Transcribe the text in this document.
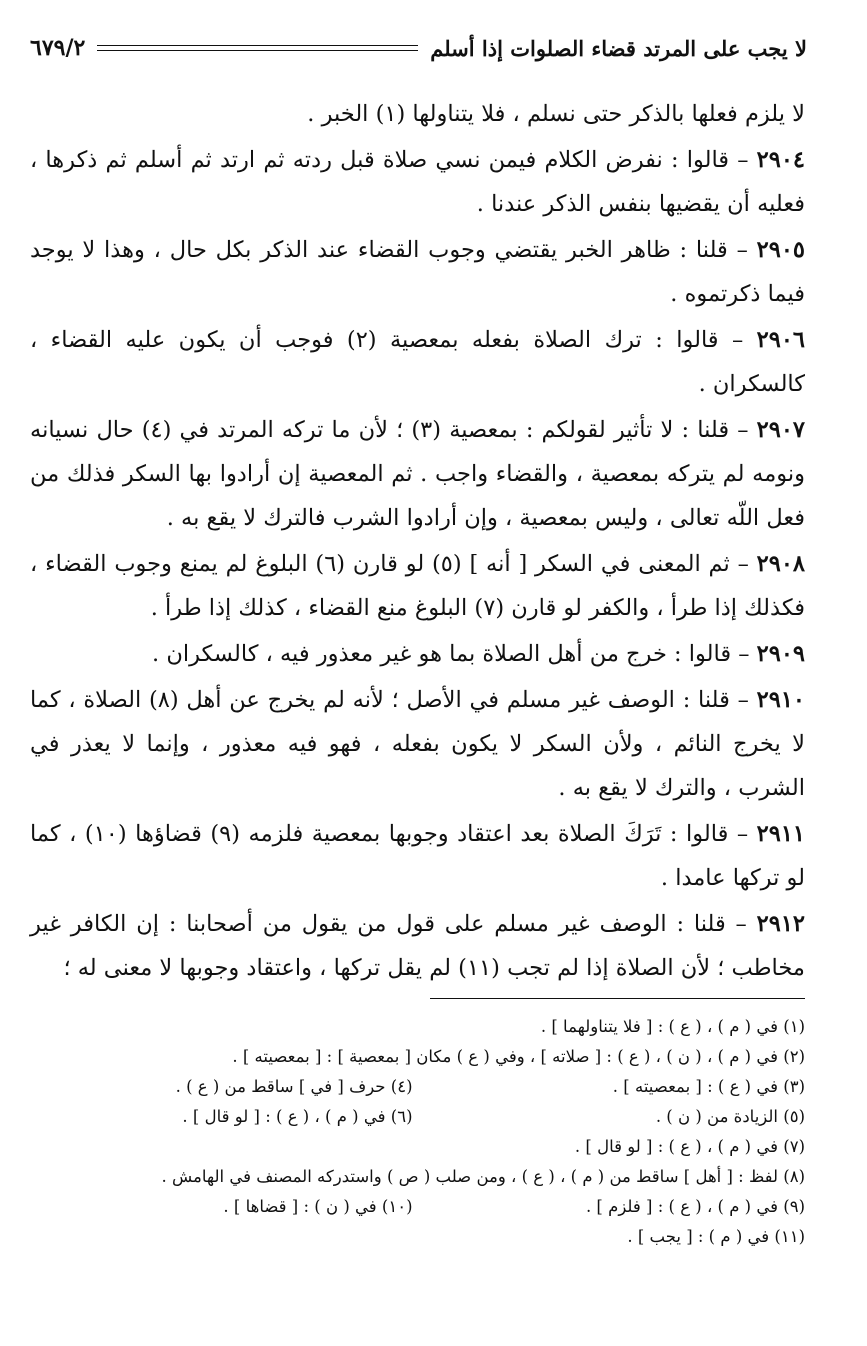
لا يجب على المرتد قضاء الصلوات إذا أسلم
٦٧٩/٢

لا يلزم فعلها بالذكر حتى نسلم ، فلا يتناولها (١) الخبر .

٢٩٠٤ – قالوا : نفرض الكلام فيمن نسي صلاة قبل ردته ثم ارتد ثم أسلم ثم ذكرها ، فعليه أن يقضيها بنفس الذكر عندنا .

٢٩٠٥ – قلنا : ظاهر الخبر يقتضي وجوب القضاء عند الذكر بكل حال ، وهذا لا يوجد فيما ذكرتموه .

٢٩٠٦ – قالوا : ترك الصلاة بفعله بمعصية (٢) فوجب أن يكون عليه القضاء ، كالسكران .

٢٩٠٧ – قلنا : لا تأثير لقولكم : بمعصية (٣) ؛ لأن ما تركه المرتد في (٤) حال نسيانه ونومه لم يتركه بمعصية ، والقضاء واجب . ثم المعصية إن أرادوا بها السكر فذلك من فعل اللّه تعالى ، وليس بمعصية ، وإن أرادوا الشرب فالترك لا يقع به .

٢٩٠٨ – ثم المعنى في السكر [ أنه ] (٥) لو قارن (٦) البلوغ لم يمنع وجوب القضاء ، فكذلك إذا طرأ ، والكفر لو قارن (٧) البلوغ منع القضاء ، كذلك إذا طرأ .

٢٩٠٩ – قالوا : خرج من أهل الصلاة بما هو غير معذور فيه ، كالسكران .

٢٩١٠ – قلنا : الوصف غير مسلم في الأصل ؛ لأنه لم يخرج عن أهل (٨) الصلاة ، كما لا يخرج النائم ، ولأن السكر لا يكون بفعله ، فهو فيه معذور ، وإنما لا يعذر في الشرب ، والترك لا يقع به .

٢٩١١ – قالوا : تَرَكَ الصلاة بعد اعتقاد وجوبها بمعصية فلزمه (٩) قضاؤها (١٠) ، كما لو تركها عامدا .

٢٩١٢ – قلنا : الوصف غير مسلم على قول من يقول من أصحابنا : إن الكافر غير مخاطب ؛ لأن الصلاة إذا لم تجب (١١) لم يقل تركها ، واعتقاد وجوبها لا معنى له ؛

(١) في ( م ) ، ( ع ) : [ فلا يتناولهما ] .
(٢) في ( م ) ، ( ن ) ، ( ع ) : [ صلاته ] ، وفي ( ع ) مكان [ بمعصية ] : [ بمعصيته ] .
(٣) في ( ع ) : [ بمعصيته ] .
(٤) حرف [ في ] ساقط من ( ع ) .
(٥) الزيادة من ( ن ) .
(٦) في ( م ) ، ( ع ) : [ لو قال ] .
(٧) في ( م ) ، ( ع ) : [ لو قال ] .
(٨) لفظ : [ أهل ] ساقط من ( م ) ، ( ع ) ، ومن صلب ( ص ) واستدركه المصنف في الهامش .
(٩) في ( م ) ، ( ع ) : [ فلزم ] .
(١٠) في ( ن ) : [ قضاها ] .
(١١) في ( م ) : [ يجب ] .
